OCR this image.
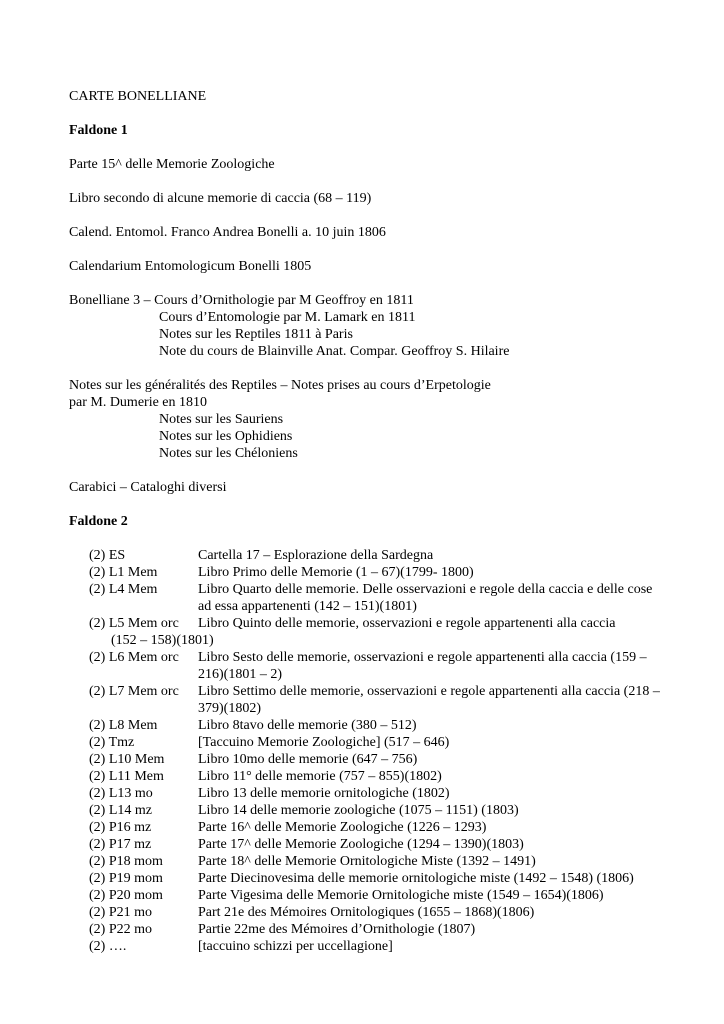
CARTE BONELLIANE
Faldone 1
Parte 15^ delle Memorie Zoologiche
Libro secondo di alcune memorie di caccia (68 – 119)
Calend. Entomol. Franco Andrea Bonelli a. 10 juin 1806
Calendarium Entomologicum Bonelli 1805
Bonelliane 3 – Cours d’Ornithologie par M Geoffroy en 1811
Cours d’Entomologie par M. Lamark en 1811
Notes sur les Reptiles 1811 à Paris
Note du cours de Blainville Anat. Compar. Geoffroy S. Hilaire
Notes sur les généralités des Reptiles – Notes prises au cours d’Erpetologie
par M. Dumerie en 1810
Notes sur les Sauriens
Notes sur les Ophidiens
Notes sur les Chéloniens
Carabici – Cataloghi diversi
Faldone 2
(2) ES	Cartella 17 – Esplorazione della Sardegna
(2) L1 Mem	Libro Primo delle Memorie (1 – 67)(1799- 1800)
(2) L4 Mem	Libro Quarto delle memorie. Delle osservazioni e regole della caccia e delle cose ad essa appartenenti (142 – 151)(1801)
(2) L5 Mem orc	Libro Quinto delle memorie, osservazioni e regole appartenenti alla caccia
(152 – 158)(1801)
(2) L6 Mem orc	Libro Sesto delle memorie, osservazioni e regole appartenenti alla caccia (159 – 216)(1801 – 2)
(2) L7 Mem orc	Libro Settimo delle memorie, osservazioni e regole appartenenti alla caccia (218 – 379)(1802)
(2) L8 Mem	Libro 8tavo delle memorie (380 – 512)
(2) Tmz	[Taccuino Memorie Zoologiche] (517 – 646)
(2) L10 Mem	Libro 10mo delle memorie (647 – 756)
(2) L11 Mem	Libro 11° delle memorie (757 – 855)(1802)
(2) L13 mo	Libro 13 delle memorie ornitologiche (1802)
(2) L14 mz	Libro 14 delle memorie zoologiche (1075 – 1151) (1803)
(2) P16 mz	Parte 16^ delle Memorie Zoologiche (1226 – 1293)
(2) P17 mz	Parte 17^ delle Memorie Zoologiche (1294 – 1390)(1803)
(2) P18 mom	Parte 18^ delle Memorie Ornitologiche Miste (1392 – 1491)
(2) P19 mom	Parte Diecinovesima delle memorie ornitologiche miste (1492 – 1548) (1806)
(2) P20 mom	Parte Vigesima delle Memorie Ornitologiche miste (1549 – 1654)(1806)
(2) P21 mo	Part 21e des Mémoires Ornitologiques (1655 – 1868)(1806)
(2) P22 mo	Partie 22me des Mémoires d’Ornithologie (1807)
(2) ….	[taccuino schizzi per uccellagione]
